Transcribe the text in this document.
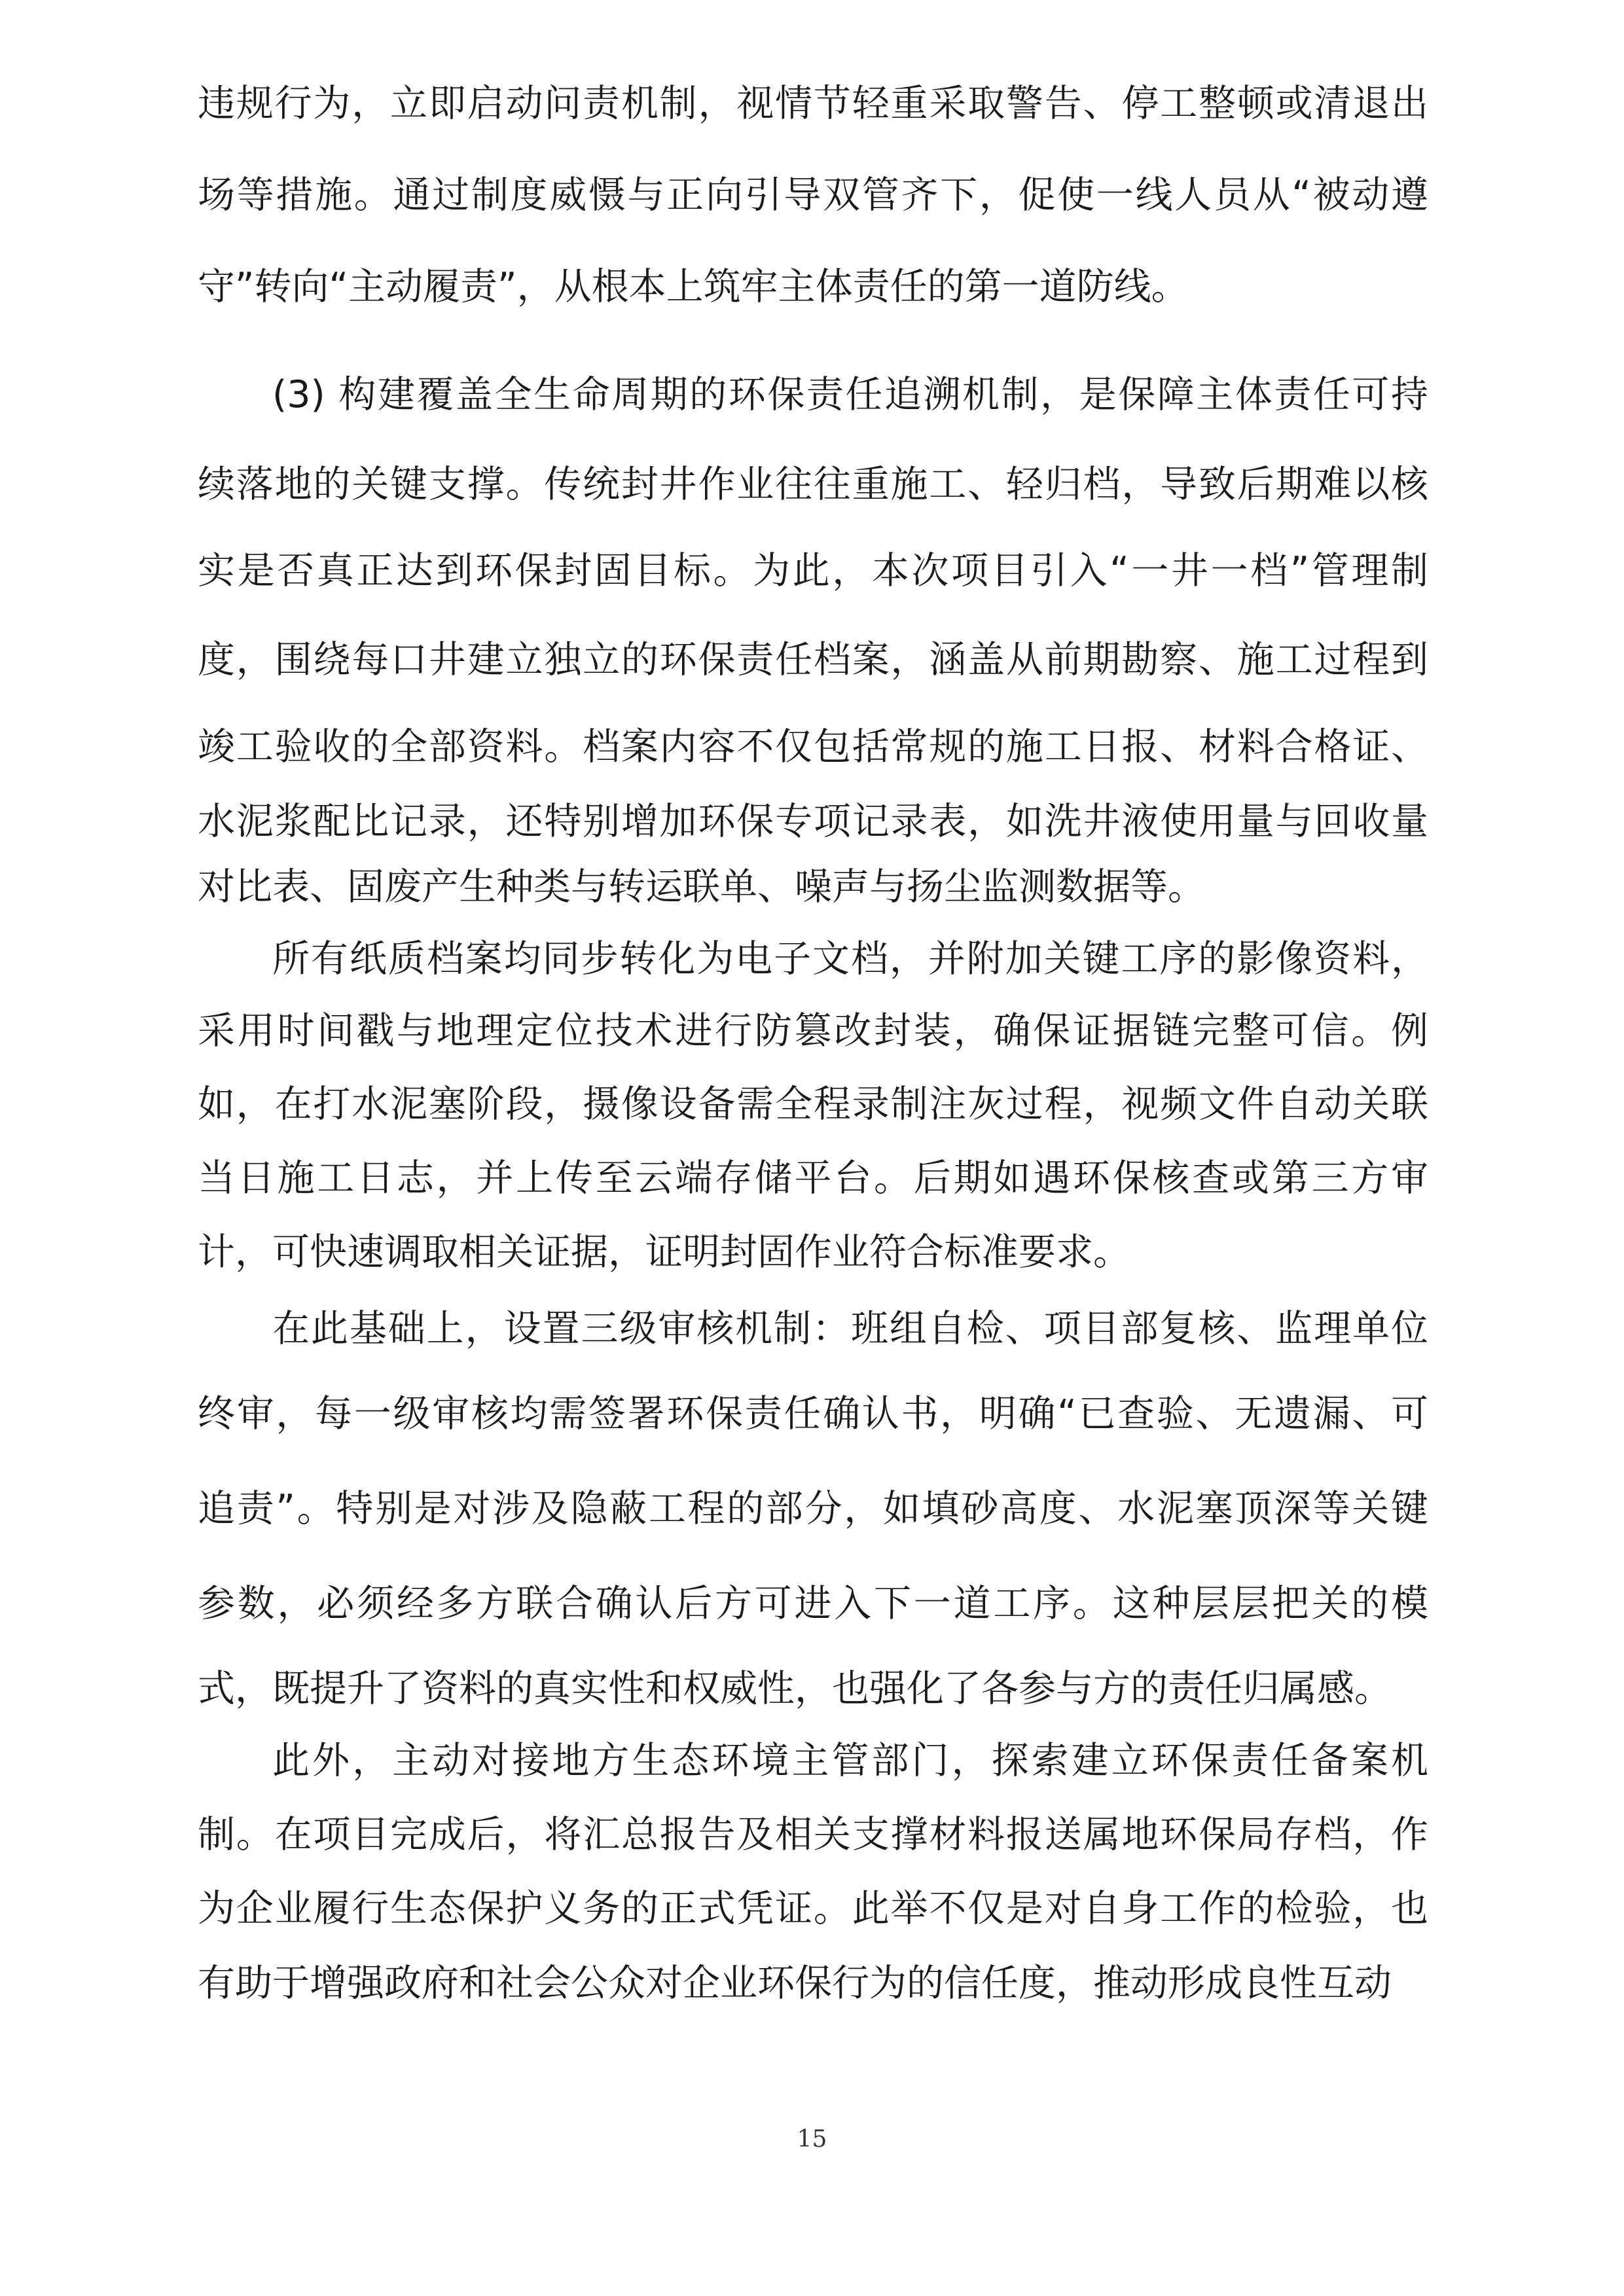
违规行为，立即启动问责机制，视情节轻重采取警告、停工整顿或清退出
场等措施。通过制度威慑与正向引导双管齐下，促使一线人员从“被动遵
守”转向“主动履责”，从根本上筑牢主体责任的第一道防线。
(3) 构建覆盖全生命周期的环保责任追溯机制，是保障主体责任可持
续落地的关键支撑。传统封井作业往往重施工、轻归档，导致后期难以核
实是否真正达到环保封固目标。为此，本次项目引入“一井一档”管理制
度，围绕每口井建立独立的环保责任档案，涵盖从前期勘察、施工过程到
竣工验收的全部资料。档案内容不仅包括常规的施工日报、材料合格证、
水泥浆配比记录，还特别增加环保专项记录表，如洗井液使用量与回收量
对比表、固废产生种类与转运联单、噪声与扬尘监测数据等。
所有纸质档案均同步转化为电子文档，并附加关键工序的影像资料，
采用时间戳与地理定位技术进行防篡改封装，确保证据链完整可信。例
如，在打水泥塞阶段，摄像设备需全程录制注灰过程，视频文件自动关联
当日施工日志，并上传至云端存储平台。后期如遇环保核查或第三方审
计，可快速调取相关证据，证明封固作业符合标准要求。
在此基础上，设置三级审核机制：班组自检、项目部复核、监理单位
终审，每一级审核均需签署环保责任确认书，明确“已查验、无遗漏、可
追责”。特别是对涉及隐蔽工程的部分，如填砂高度、水泥塞顶深等关键
参数，必须经多方联合确认后方可进入下一道工序。这种层层把关的模
式，既提升了资料的真实性和权威性，也强化了各参与方的责任归属感。
此外，主动对接地方生态环境主管部门，探索建立环保责任备案机
制。在项目完成后，将汇总报告及相关支撑材料报送属地环保局存档，作
为企业履行生态保护义务的正式凭证。此举不仅是对自身工作的检验，也
有助于增强政府和社会公众对企业环保行为的信任度，推动形成良性互动
15
